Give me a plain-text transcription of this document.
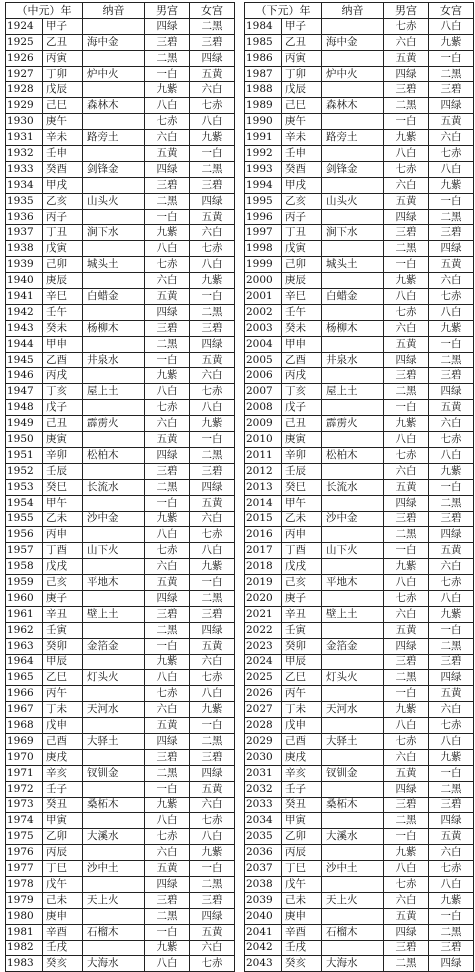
（中元）年		纳音	男宫	女宫
1924	甲子		四绿	二黑
1925	乙丑	海中金	三碧	三碧
1926	丙寅		二黑	四绿
1927	丁卯	炉中火	一白	五黄
1928	戊辰		九紫	六白
1929	己巳	森林木	八白	七赤
1930	庚午		七赤	八白
1931	辛未	路旁土	六白	九紫
1932	壬申		五黄	一白
1933	癸酉	剑锋金	四绿	二黑
1934	甲戌		三碧	三碧
1935	乙亥	山头火	二黑	四绿
1936	丙子		一白	五黄
1937	丁丑	涧下水	九紫	六白
1938	戊寅		八白	七赤
1939	己卯	城头土	七赤	八白
1940	庚辰		六白	九紫
1941	辛巳	白蜡金	五黄	一白
1942	壬午		四绿	二黑
1943	癸未	杨柳木	三碧	三碧
1944	甲申		二黑	四绿
1945	乙酉	井泉水	一白	五黄
1946	丙戌		九紫	六白
1947	丁亥	屋上土	八白	七赤
1948	戊子		七赤	八白
1949	己丑	霹雳火	六白	九紫
1950	庚寅		五黄	一白
1951	辛卯	松柏木	四绿	二黑
1952	壬辰		三碧	三碧
1953	癸巳	长流水	二黑	四绿
1954	甲午		一白	五黄
1955	乙未	沙中金	九紫	六白
1956	丙申		八白	七赤
1957	丁酉	山下火	七赤	八白
1958	戊戌		六白	九紫
1959	己亥	平地木	五黄	一白
1960	庚子		四绿	二黑
1961	辛丑	壁上土	三碧	三碧
1962	壬寅		二黑	四绿
1963	癸卯	金箔金	一白	五黄
1964	甲辰		九紫	六白
1965	乙巳	灯头火	八白	七赤
1966	丙午		七赤	八白
1967	丁未	天河水	六白	九紫
1968	戊申		五黄	一白
1969	己酉	大驿土	四绿	二黑
1970	庚戌		三碧	三碧
1971	辛亥	钗钏金	二黑	四绿
1972	壬子		一白	五黄
1973	癸丑	桑柘木	九紫	六白
1974	甲寅		八白	七赤
1975	乙卯	大溪水	七赤	八白
1976	丙辰		六白	九紫
1977	丁巳	沙中土	五黄	一白
1978	戊午		四绿	二黑
1979	己未	天上火	三碧	三碧
1980	庚申		二黑	四绿
1981	辛酉	石榴木	一白	五黄
1982	壬戌		九紫	六白
1983	癸亥	大海水	八白	七赤
（下元）年		纳音	男宫	女宫
1984	甲子		七赤	八白
1985	乙丑	海中金	六白	九紫
1986	丙寅		五黄	一白
1987	丁卯	炉中火	四绿	二黑
1988	戊辰		三碧	三碧
1989	己巳	森林木	二黑	四绿
1990	庚午		一白	五黄
1991	辛未	路旁土	九紫	六白
1992	壬申		八白	七赤
1993	癸酉	剑锋金	七赤	八白
1994	甲戌		六白	九紫
1995	乙亥	山头火	五黄	一白
1996	丙子		四绿	二黑
1997	丁丑	涧下水	三碧	三碧
1998	戊寅		二黑	四绿
1999	己卯	城头土	一白	五黄
2000	庚辰		九紫	六白
2001	辛巳	白蜡金	八白	七赤
2002	壬午		七赤	八白
2003	癸未	杨柳木	六白	九紫
2004	甲申		五黄	一白
2005	乙酉	井泉水	四绿	二黑
2006	丙戌		三碧	三碧
2007	丁亥	屋上土	二黑	四绿
2008	戊子		一白	五黄
2009	己丑	霹雳火	九紫	六白
2010	庚寅		八白	七赤
2011	辛卯	松柏木	七赤	八白
2012	壬辰		六白	九紫
2013	癸巳	长流水	五黄	一白
2014	甲午		四绿	二黑
2015	乙未	沙中金	三碧	三碧
2016	丙申		二黑	四绿
2017	丁酉	山下火	一白	五黄
2018	戊戌		九紫	六白
2019	己亥	平地木	八白	七赤
2020	庚子		七赤	八白
2021	辛丑	壁上土	六白	九紫
2022	壬寅		五黄	一白
2023	癸卯	金箔金	四绿	二黑
2024	甲辰		三碧	三碧
2025	乙巳	灯头火	二黑	四绿
2026	丙午		一白	五黄
2027	丁未	天河水	九紫	六白
2028	戊申		八白	七赤
2029	己酉	大驿土	七赤	八白
2030	庚戌		六白	九紫
2031	辛亥	钗钏金	五黄	一白
2032	壬子		四绿	二黑
2033	癸丑	桑柘木	三碧	三碧
2034	甲寅		二黑	四绿
2035	乙卯	大溪水	一白	五黄
2036	丙辰		九紫	六白
2037	丁巳	沙中土	八白	七赤
2038	戊午		七赤	八白
2039	己未	天上火	六白	九紫
2040	庚申		五黄	一白
2041	辛酉	石榴木	四绿	二黑
2042	壬戌		三碧	三碧
2043	癸亥	大海水	二黑	四绿
